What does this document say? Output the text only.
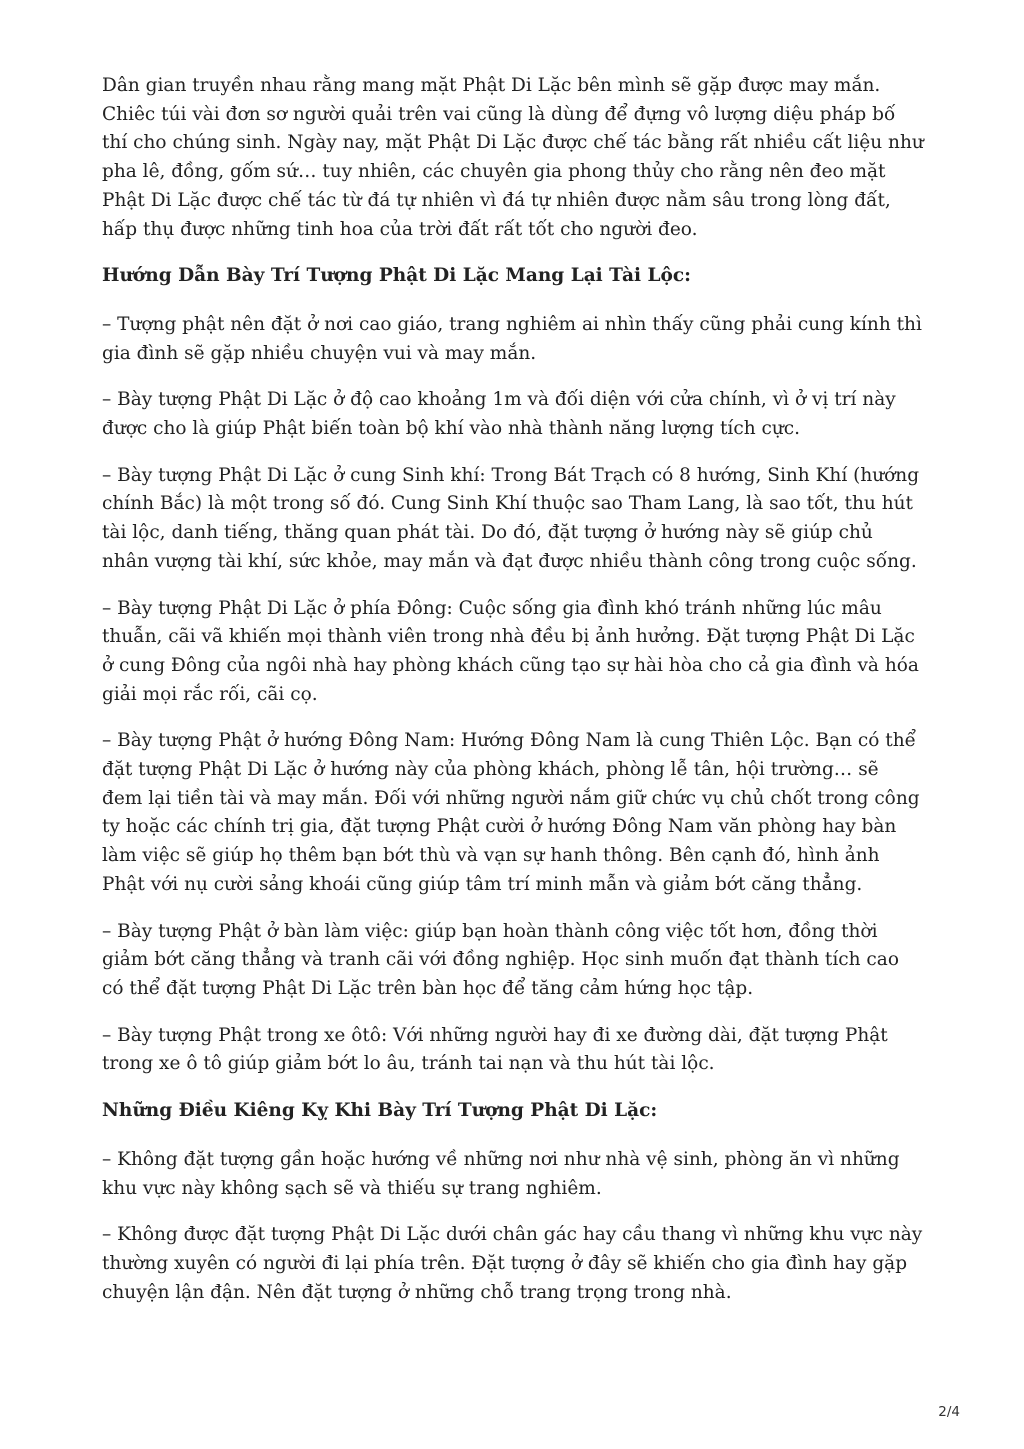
Dân gian truyền nhau rằng mang mặt Phật Di Lặc bên mình sẽ gặp được may mắn. Chiêc túi vài đơn sơ người quải trên vai cũng là dùng để đựng vô lượng diệu pháp bố thí cho chúng sinh. Ngày nay, mặt Phật Di Lặc được chế tác bằng rất nhiều cất liệu như pha lê, đồng, gốm sứ… tuy nhiên, các chuyên gia phong thủy cho rằng nên đeo mặt Phật Di Lặc được chế tác từ đá tự nhiên vì đá tự nhiên được nằm sâu trong lòng đất, hấp thụ được những tinh hoa của trời đất rất tốt cho người đeo.

Hướng Dẫn Bày Trí Tượng Phật Di Lặc Mang Lại Tài Lộc:

– Tượng phật nên đặt ở nơi cao giáo, trang nghiêm ai nhìn thấy cũng phải cung kính thì gia đình sẽ gặp nhiều chuyện vui và may mắn.

– Bày tượng Phật Di Lặc ở độ cao khoảng 1m và đối diện với cửa chính, vì ở vị trí này được cho là giúp Phật biến toàn bộ khí vào nhà thành năng lượng tích cực.

– Bày tượng Phật Di Lặc ở cung Sinh khí: Trong Bát Trạch có 8 hướng, Sinh Khí (hướng chính Bắc) là một trong số đó. Cung Sinh Khí thuộc sao Tham Lang, là sao tốt, thu hút tài lộc, danh tiếng, thăng quan phát tài. Do đó, đặt tượng ở hướng này sẽ giúp chủ nhân vượng tài khí, sức khỏe, may mắn và đạt được nhiều thành công trong cuộc sống.

– Bày tượng Phật Di Lặc ở phía Đông: Cuộc sống gia đình khó tránh những lúc mâu thuẫn, cãi vã khiến mọi thành viên trong nhà đều bị ảnh hưởng. Đặt tượng Phật Di Lặc ở cung Đông của ngôi nhà hay phòng khách cũng tạo sự hài hòa cho cả gia đình và hóa giải mọi rắc rối, cãi cọ.

– Bày tượng Phật ở hướng Đông Nam: Hướng Đông Nam là cung Thiên Lộc. Bạn có thể đặt tượng Phật Di Lặc ở hướng này của phòng khách, phòng lễ tân, hội trường… sẽ đem lại tiền tài và may mắn. Đối với những người nắm giữ chức vụ chủ chốt trong công ty hoặc các chính trị gia, đặt tượng Phật cười ở hướng Đông Nam văn phòng hay bàn làm việc sẽ giúp họ thêm bạn bớt thù và vạn sự hanh thông. Bên cạnh đó, hình ảnh Phật với nụ cười sảng khoái cũng giúp tâm trí minh mẫn và giảm bớt căng thẳng.

– Bày tượng Phật ở bàn làm việc: giúp bạn hoàn thành công việc tốt hơn, đồng thời giảm bớt căng thẳng và tranh cãi với đồng nghiệp. Học sinh muốn đạt thành tích cao có thể đặt tượng Phật Di Lặc trên bàn học để tăng cảm hứng học tập.

– Bày tượng Phật trong xe ôtô: Với những người hay đi xe đường dài, đặt tượng Phật trong xe ô tô giúp giảm bớt lo âu, tránh tai nạn và thu hút tài lộc.

Những Điều Kiêng Kỵ Khi Bày Trí Tượng Phật Di Lặc:

– Không đặt tượng gần hoặc hướng về những nơi như nhà vệ sinh, phòng ăn vì những khu vực này không sạch sẽ và thiếu sự trang nghiêm.

– Không được đặt tượng Phật Di Lặc dưới chân gác hay cầu thang vì những khu vực này thường xuyên có người đi lại phía trên. Đặt tượng ở đây sẽ khiến cho gia đình hay gặp chuyện lận đận. Nên đặt tượng ở những chỗ trang trọng trong nhà.

2/4
